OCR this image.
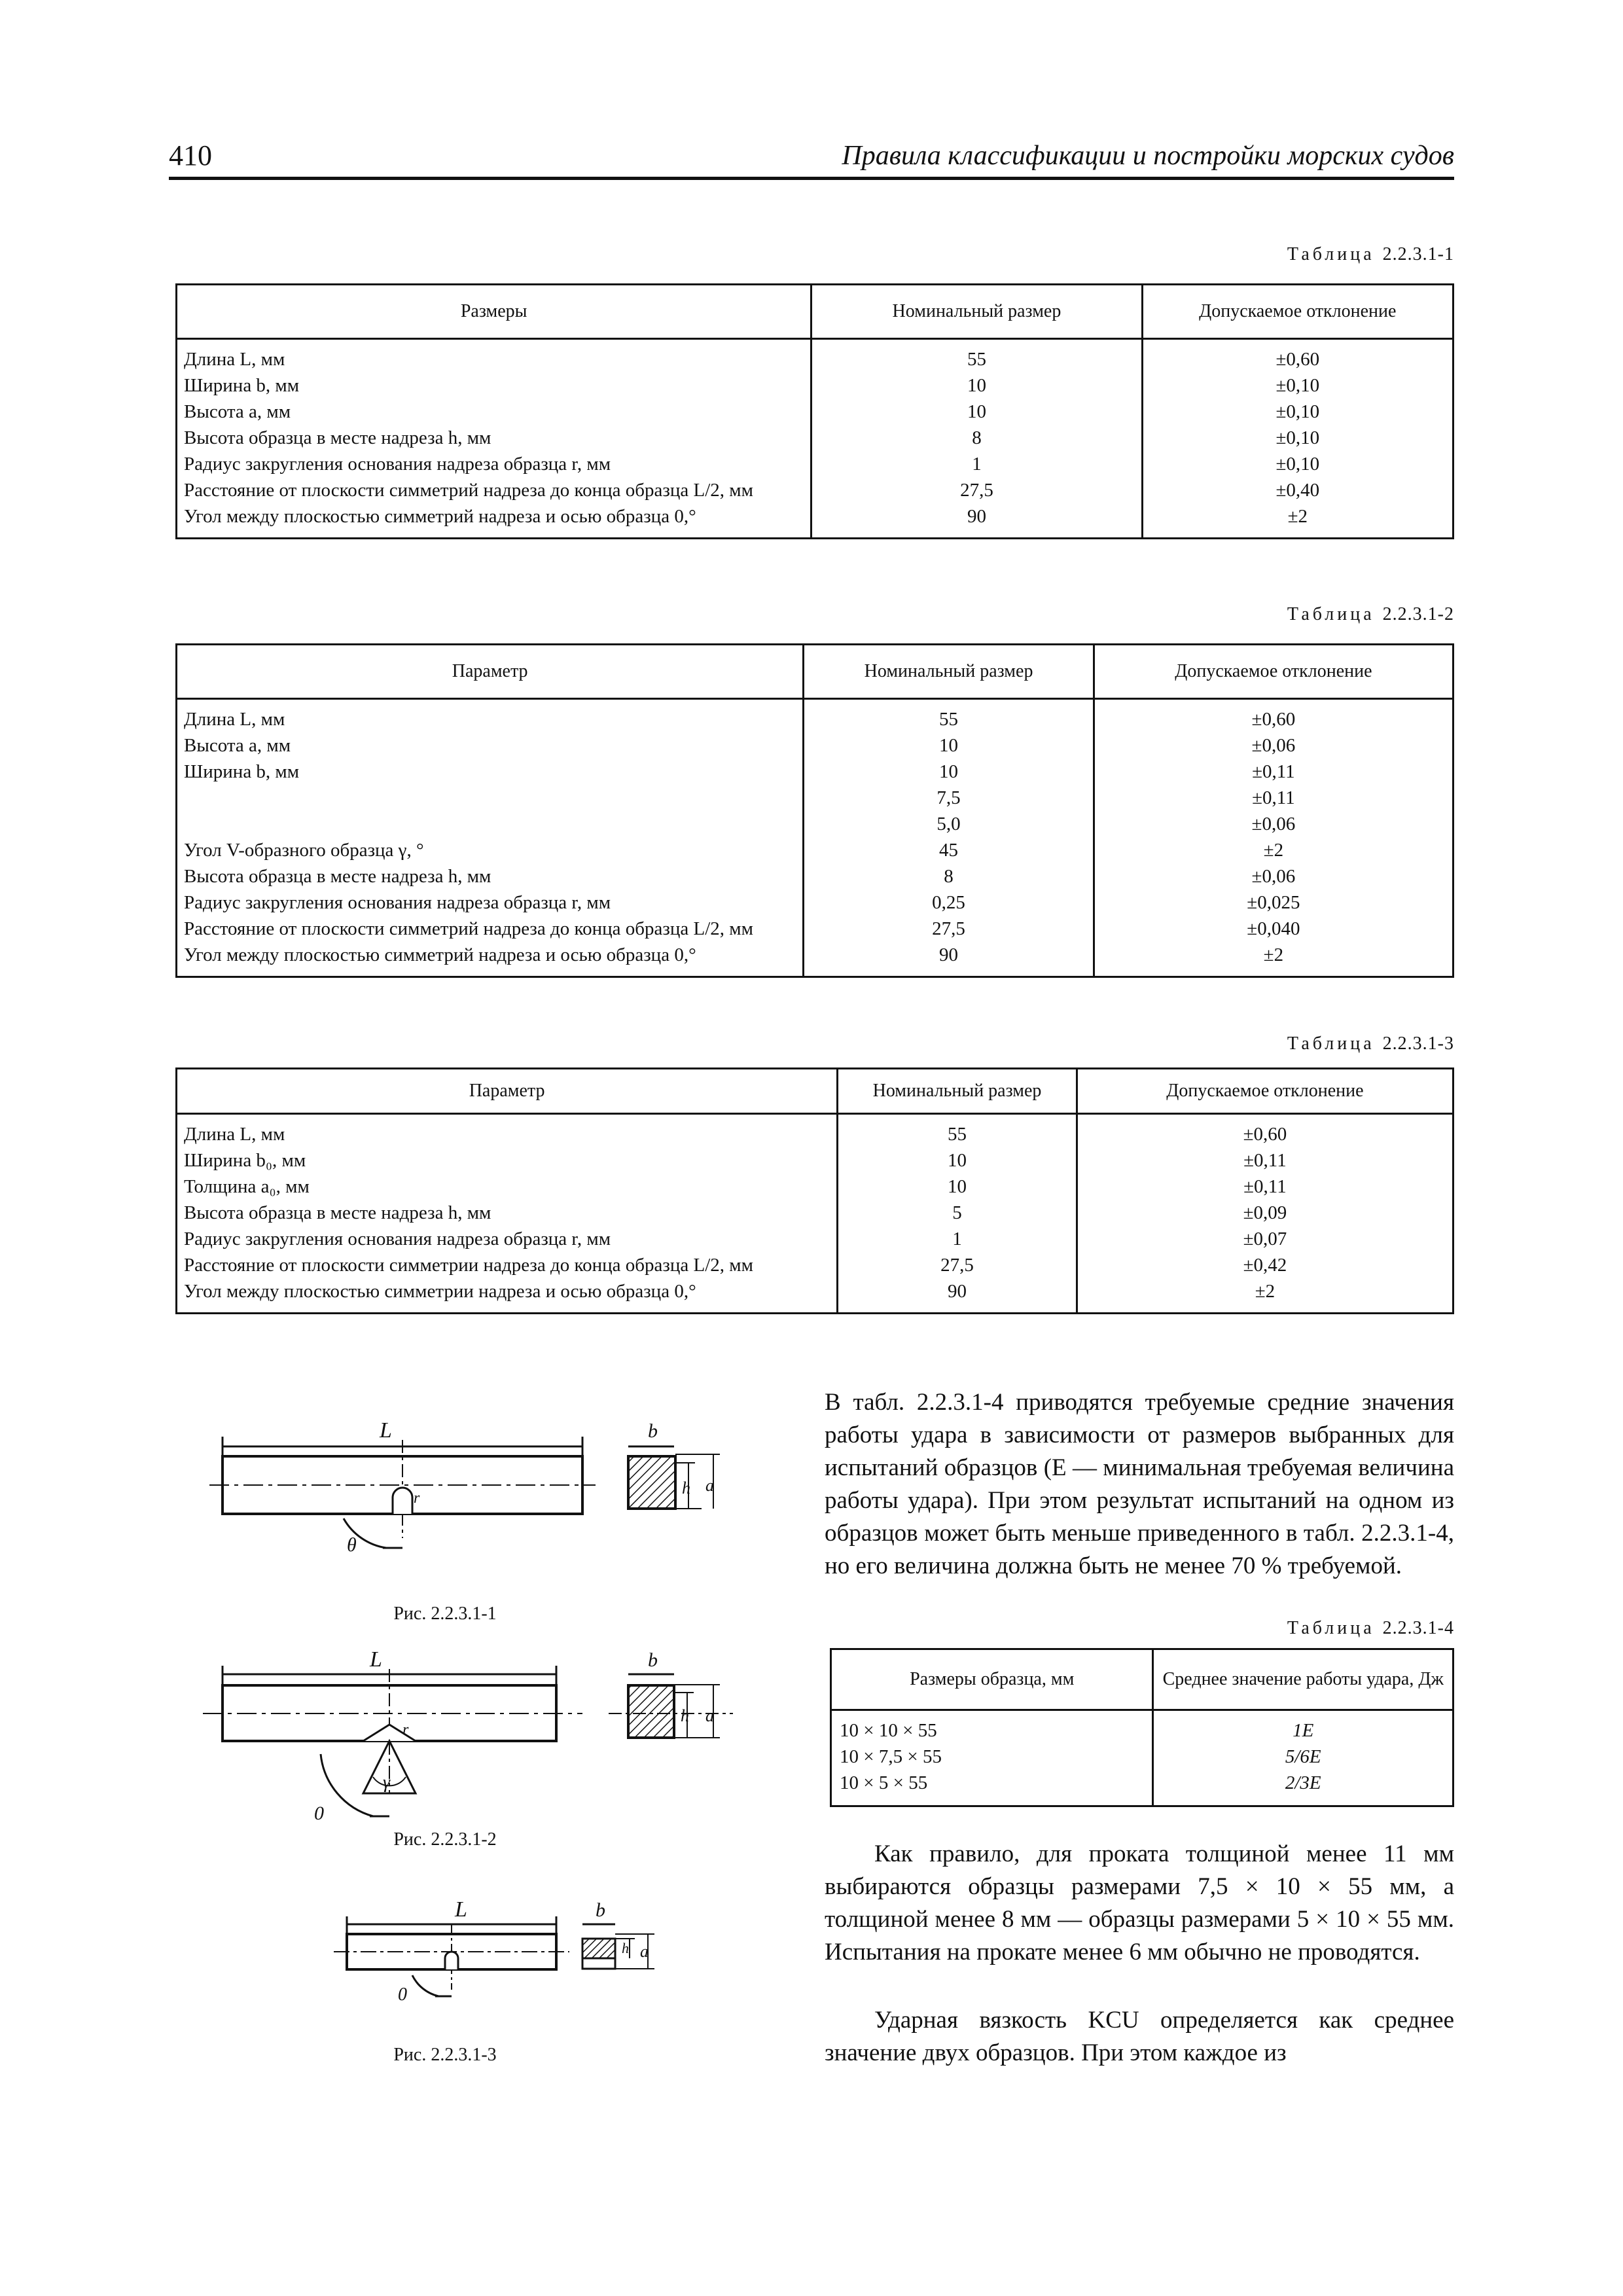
410	Правила классификации и постройки морских судов
Таблица 2.2.3.1-1
Размеры	Номинальный размер	Допускаемое отклонение
Длина L, мм	55	±0,60
Ширина b, мм	10	±0,10
Высота a, мм	10	±0,10
Высота образца в месте надреза h, мм	8	±0,10
Радиус закругления основания надреза образца r, мм	1	±0,10
Расстояние от плоскости симметрий надреза до конца образца L/2, мм	27,5	±0,40
Угол между плоскостью симметрий надреза и осью образца 0,°	90	±2
Таблица 2.2.3.1-2
Параметр	Номинальный размер	Допускаемое отклонение
Длина L, мм	55	±0,60
Высота a, мм	10	±0,06
Ширина b, мм	10	±0,11
	7,5	±0,11
	5,0	±0,06
Угол V-образного образца γ, °	45	±2
Высота образца в месте надреза h, мм	8	±0,06
Радиус закругления основания надреза образца r, мм	0,25	±0,025
Расстояние от плоскости симметрий надреза до конца образца L/2, мм	27,5	±0,040
Угол между плоскостью симметрий надреза и осью образца 0,°	90	±2
Таблица 2.2.3.1-3
Параметр	Номинальный размер	Допускаемое отклонение
Длина L, мм	55	±0,60
Ширина b₀, мм	10	±0,11
Толщина a₀, мм	10	±0,11
Высота образца в месте надреза h, мм	5	±0,09
Радиус закругления основания надреза образца r, мм	1	±0,07
Расстояние от плоскости симметрии надреза до конца образца L/2, мм	27,5	±0,42
Угол между плоскостью симметрии надреза и осью образца 0,°	90	±2
L
r
θ
b
h a
Рис. 2.2.3.1-1
L
γ
r
0
b
h a
Рис. 2.2.3.1-2
L
0
b
h a
Рис. 2.2.3.1-3

В табл. 2.2.3.1-4 приводятся требуемые средние значения работы удара в зависимости от размеров выбранных для испытаний образцов (E — минимальная требуемая величина работы удара). При этом результат испытаний на одном из образцов может быть меньше приведенного в табл. 2.2.3.1-4, но его величина должна быть не менее 70 % требуемой.

Таблица 2.2.3.1-4
Размеры образца, мм	Среднее значение работы удара, Дж
10 × 10 × 55	1E
10 × 7,5 × 55	5/6E
10 × 5 × 55	2/3E

Как правило, для проката толщиной менее 11 мм выбираются образцы размерами 7,5 × 10 × 55 мм, а толщиной менее 8 мм — образцы размерами 5 × 10 × 55 мм. Испытания на прокате менее 6 мм обычно не проводятся.

Ударная вязкость KCU определяется как среднее значение двух образцов. При этом каждое из
